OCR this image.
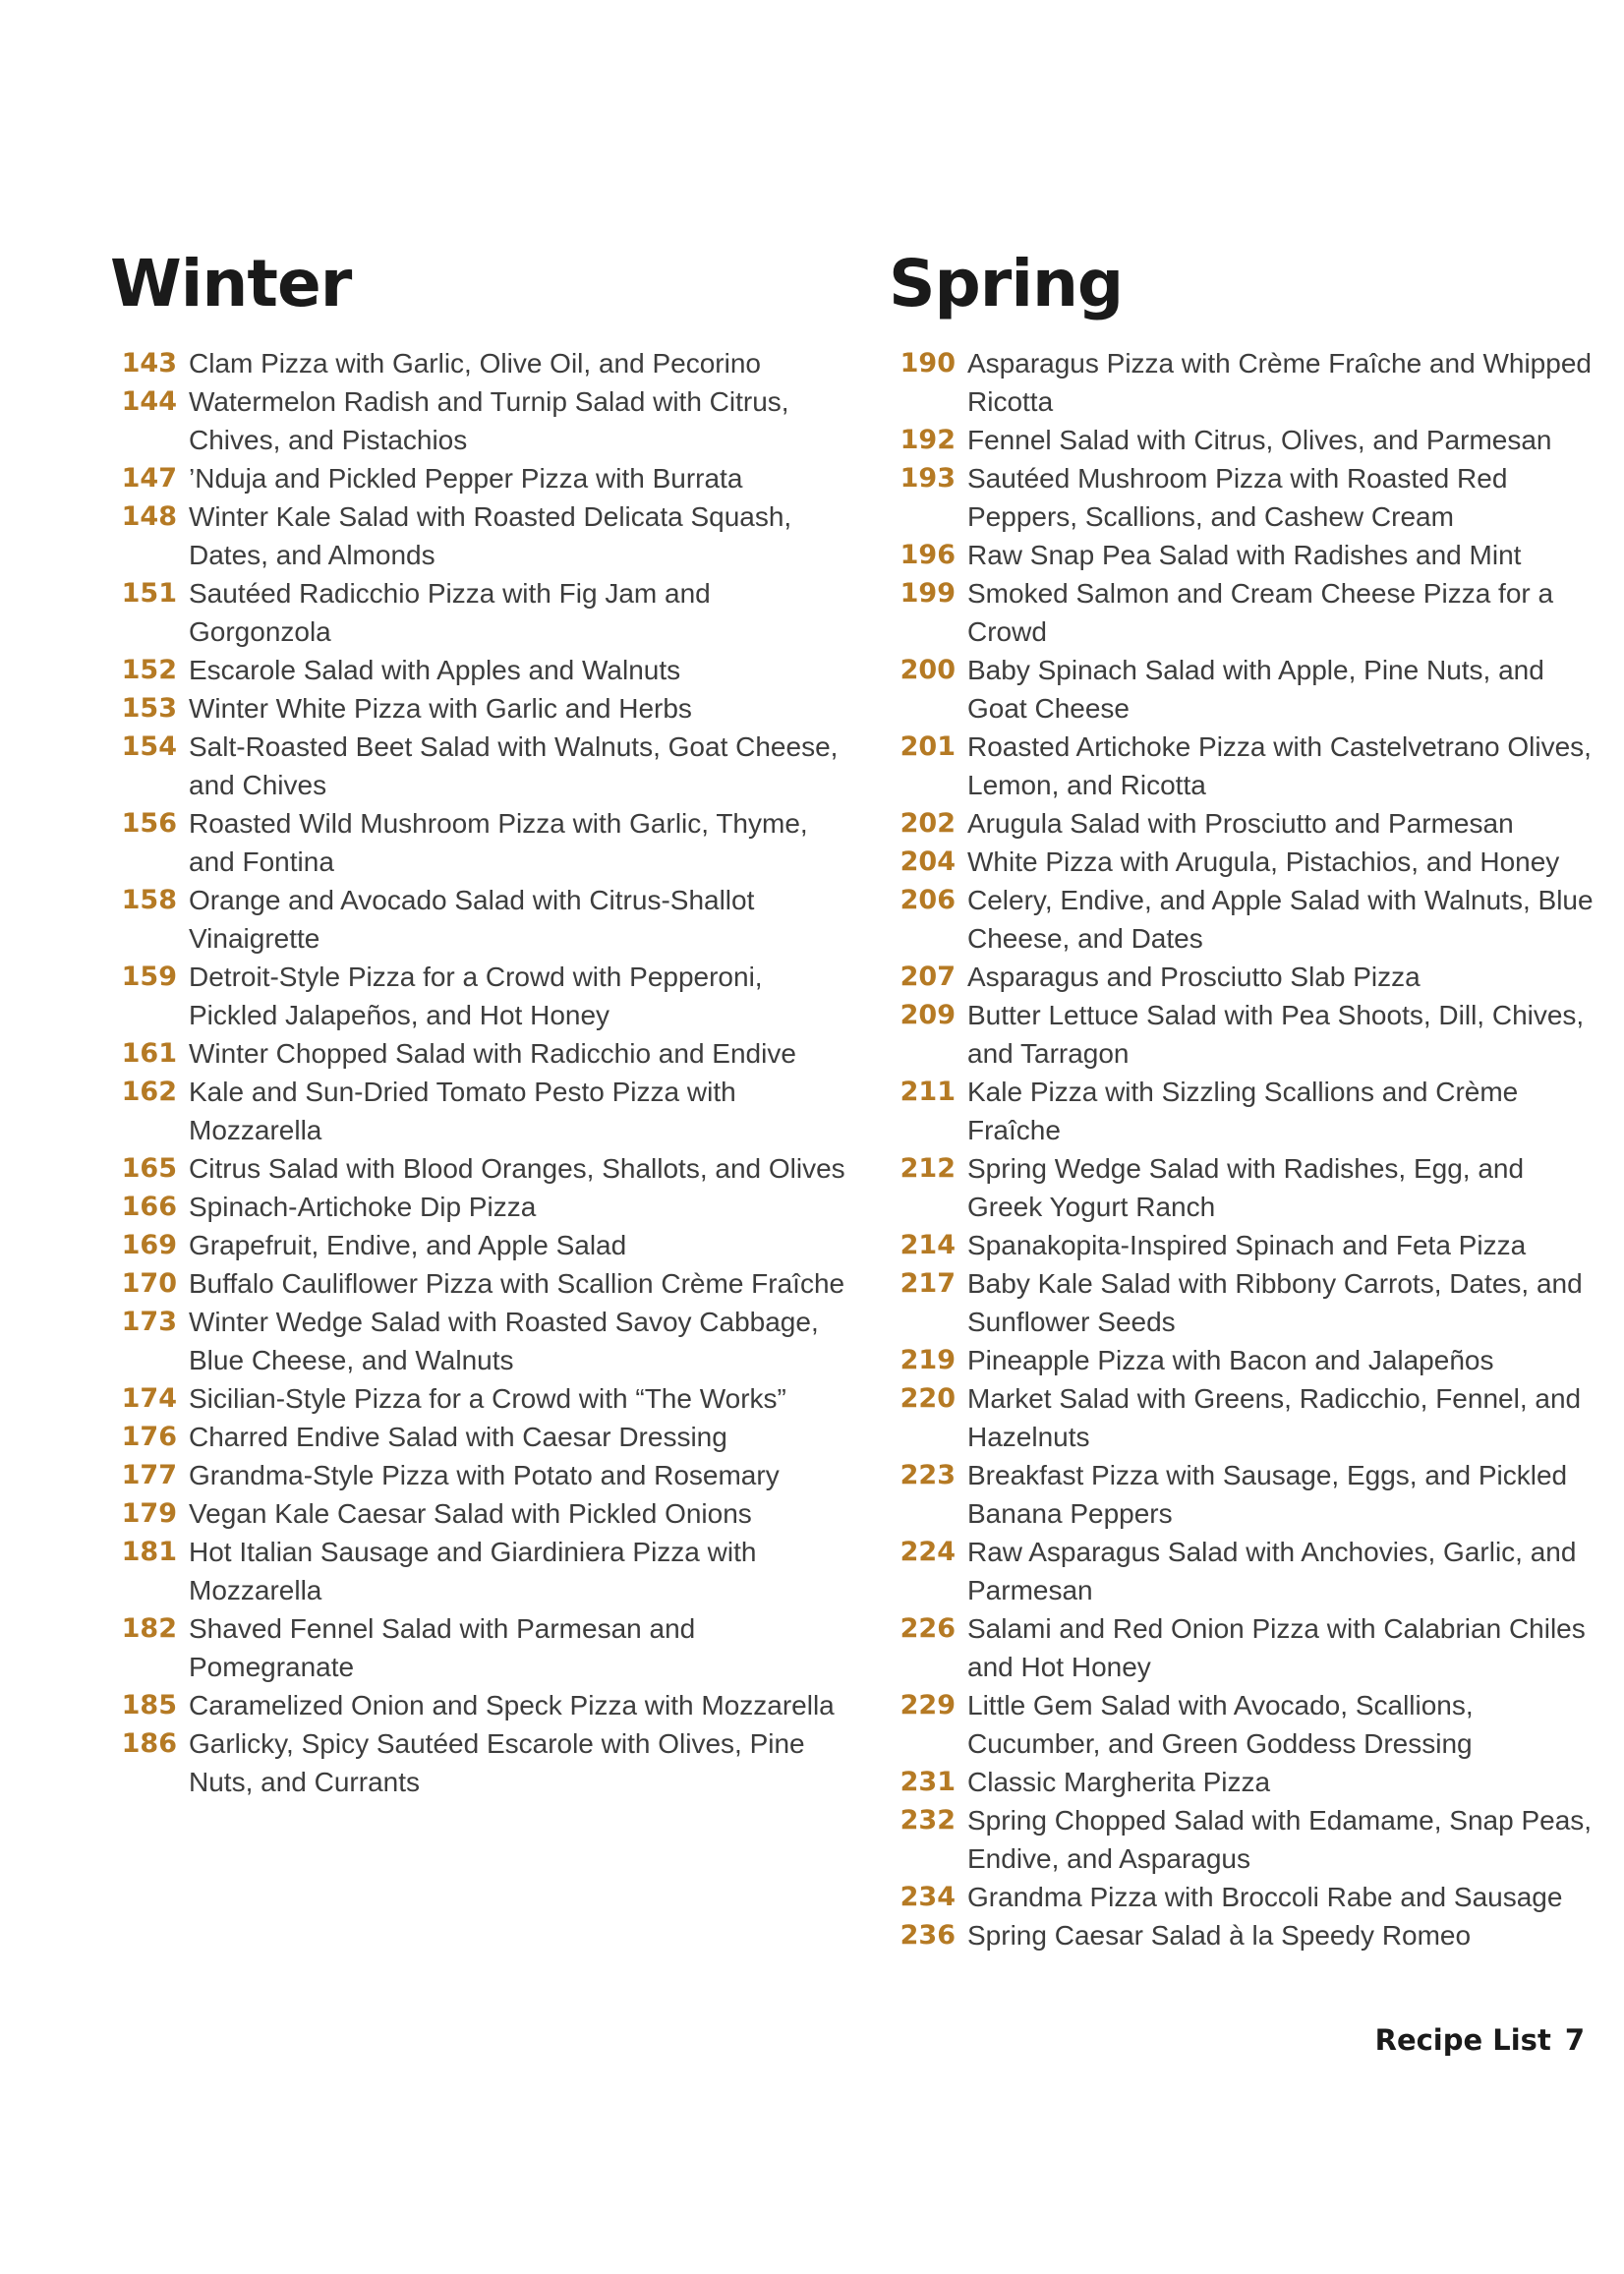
Winter
143 Clam Pizza with Garlic, Olive Oil, and Pecorino
144 Watermelon Radish and Turnip Salad with Citrus, Chives, and Pistachios
147 ’Nduja and Pickled Pepper Pizza with Burrata
148 Winter Kale Salad with Roasted Delicata Squash, Dates, and Almonds
151 Sautéed Radicchio Pizza with Fig Jam and Gorgonzola
152 Escarole Salad with Apples and Walnuts
153 Winter White Pizza with Garlic and Herbs
154 Salt-Roasted Beet Salad with Walnuts, Goat Cheese, and Chives
156 Roasted Wild Mushroom Pizza with Garlic, Thyme, and Fontina
158 Orange and Avocado Salad with Citrus-Shallot Vinaigrette
159 Detroit-Style Pizza for a Crowd with Pepperoni, Pickled Jalapeños, and Hot Honey
161 Winter Chopped Salad with Radicchio and Endive
162 Kale and Sun-Dried Tomato Pesto Pizza with Mozzarella
165 Citrus Salad with Blood Oranges, Shallots, and Olives
166 Spinach-Artichoke Dip Pizza
169 Grapefruit, Endive, and Apple Salad
170 Buffalo Cauliflower Pizza with Scallion Crème Fraîche
173 Winter Wedge Salad with Roasted Savoy Cabbage, Blue Cheese, and Walnuts
174 Sicilian-Style Pizza for a Crowd with “The Works”
176 Charred Endive Salad with Caesar Dressing
177 Grandma-Style Pizza with Potato and Rosemary
179 Vegan Kale Caesar Salad with Pickled Onions
181 Hot Italian Sausage and Giardiniera Pizza with Mozzarella
182 Shaved Fennel Salad with Parmesan and Pomegranate
185 Caramelized Onion and Speck Pizza with Mozzarella
186 Garlicky, Spicy Sautéed Escarole with Olives, Pine Nuts, and Currants
Spring
190 Asparagus Pizza with Crème Fraîche and Whipped Ricotta
192 Fennel Salad with Citrus, Olives, and Parmesan
193 Sautéed Mushroom Pizza with Roasted Red Peppers, Scallions, and Cashew Cream
196 Raw Snap Pea Salad with Radishes and Mint
199 Smoked Salmon and Cream Cheese Pizza for a Crowd
200 Baby Spinach Salad with Apple, Pine Nuts, and Goat Cheese
201 Roasted Artichoke Pizza with Castelvetrano Olives, Lemon, and Ricotta
202 Arugula Salad with Prosciutto and Parmesan
204 White Pizza with Arugula, Pistachios, and Honey
206 Celery, Endive, and Apple Salad with Walnuts, Blue Cheese, and Dates
207 Asparagus and Prosciutto Slab Pizza
209 Butter Lettuce Salad with Pea Shoots, Dill, Chives, and Tarragon
211 Kale Pizza with Sizzling Scallions and Crème Fraîche
212 Spring Wedge Salad with Radishes, Egg, and Greek Yogurt Ranch
214 Spanakopita-Inspired Spinach and Feta Pizza
217 Baby Kale Salad with Ribbony Carrots, Dates, and Sunflower Seeds
219 Pineapple Pizza with Bacon and Jalapeños
220 Market Salad with Greens, Radicchio, Fennel, and Hazelnuts
223 Breakfast Pizza with Sausage, Eggs, and Pickled Banana Peppers
224 Raw Asparagus Salad with Anchovies, Garlic, and Parmesan
226 Salami and Red Onion Pizza with Calabrian Chiles and Hot Honey
229 Little Gem Salad with Avocado, Scallions, Cucumber, and Green Goddess Dressing
231 Classic Margherita Pizza
232 Spring Chopped Salad with Edamame, Snap Peas, Endive, and Asparagus
234 Grandma Pizza with Broccoli Rabe and Sausage
236 Spring Caesar Salad à la Speedy Romeo
Recipe List 7
